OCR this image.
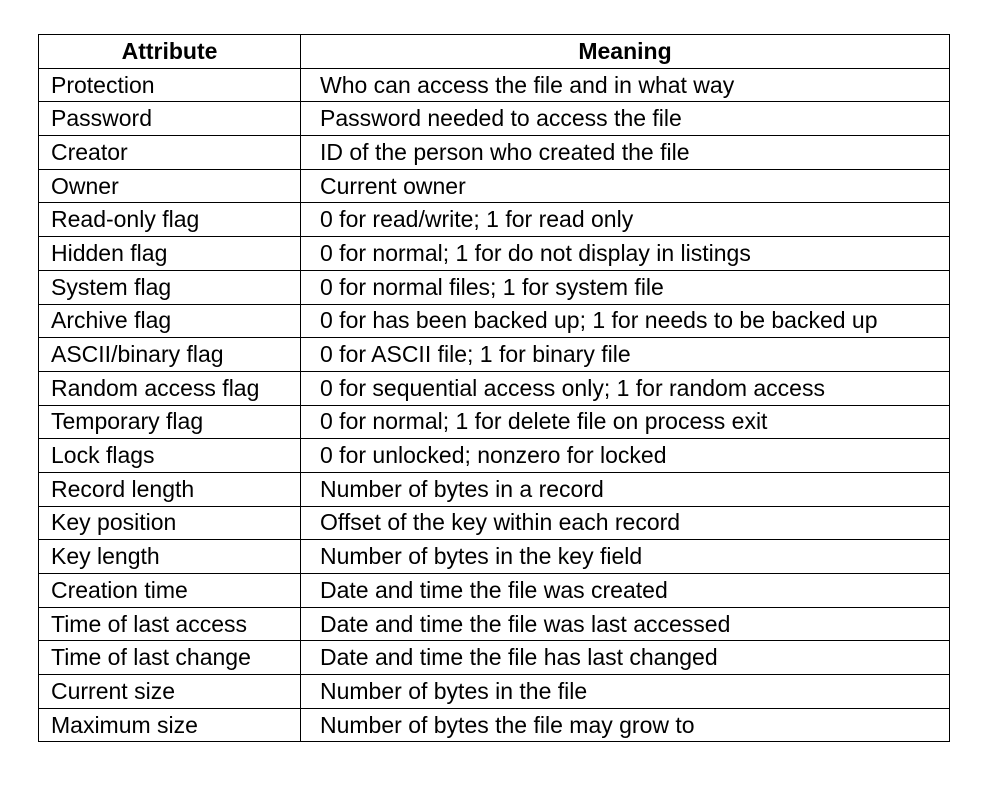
Attribute	Meaning
Protection	Who can access the file and in what way
Password	Password needed to access the file
Creator	ID of the person who created the file
Owner	Current owner
Read-only flag	0 for read/write; 1 for read only
Hidden flag	0 for normal; 1 for do not display in listings
System flag	0 for normal files; 1 for system file
Archive flag	0 for has been backed up; 1 for needs to be backed up
ASCII/binary flag	0 for ASCII file; 1 for binary file
Random access flag	0 for sequential access only; 1 for random access
Temporary flag	0 for normal; 1 for delete file on process exit
Lock flags	0 for unlocked; nonzero for locked
Record length	Number of bytes in a record
Key position	Offset of the key within each record
Key length	Number of bytes in the key field
Creation time	Date and time the file was created
Time of last access	Date and time the file was last accessed
Time of last change	Date and time the file has last changed
Current size	Number of bytes in the file
Maximum size	Number of bytes the file may grow to
